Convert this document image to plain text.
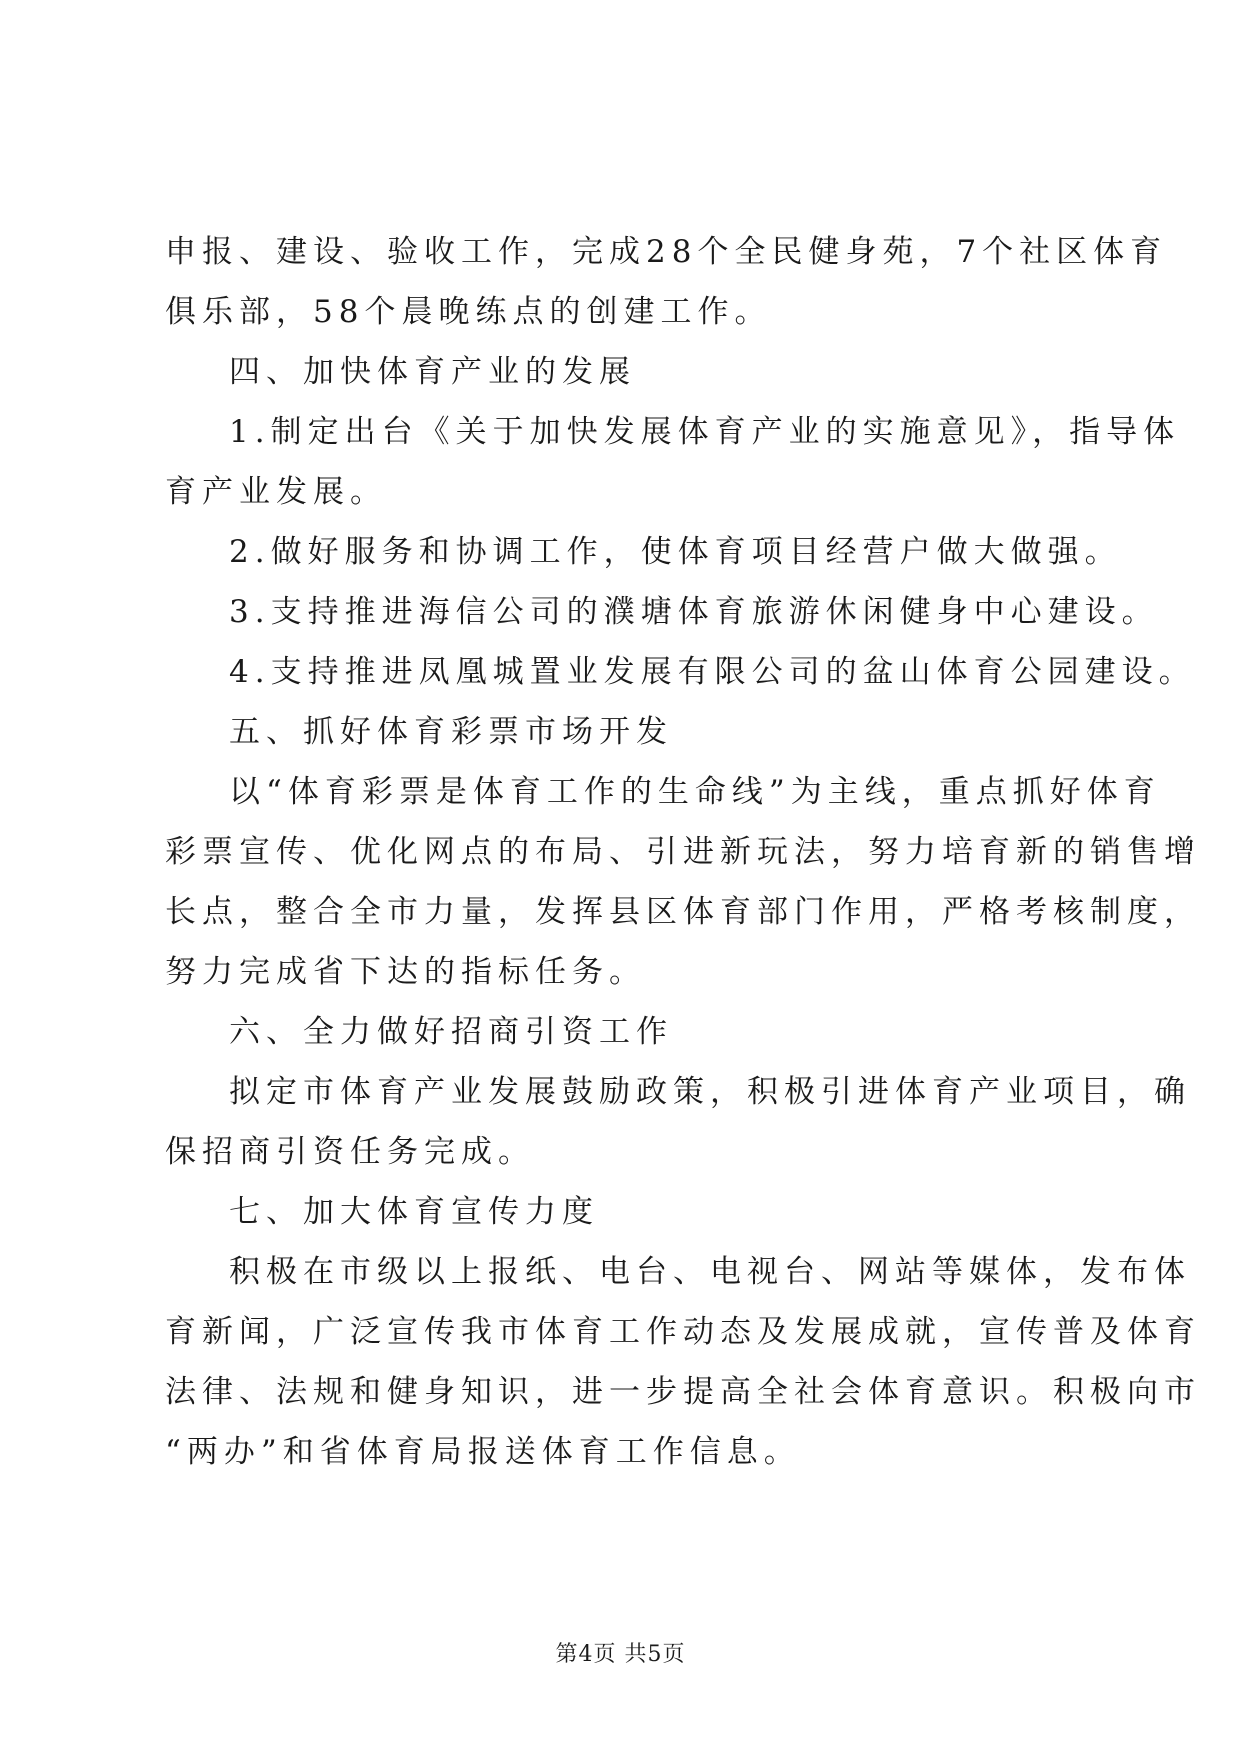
申报、建设、验收工作，完成28个全民健身苑，7个社区体育

俱乐部，58个晨晚练点的创建工作。

四、加快体育产业的发展

1.制定出台《关于加快发展体育产业的实施意见》，指导体

育产业发展。

2.做好服务和协调工作，使体育项目经营户做大做强。

3.支持推进海信公司的濮塘体育旅游休闲健身中心建设。

4.支持推进凤凰城置业发展有限公司的盆山体育公园建设。

五、抓好体育彩票市场开发

以“体育彩票是体育工作的生命线”为主线，重点抓好体育

彩票宣传、优化网点的布局、引进新玩法，努力培育新的销售增

长点，整合全市力量，发挥县区体育部门作用，严格考核制度，

努力完成省下达的指标任务。

六、全力做好招商引资工作

拟定市体育产业发展鼓励政策，积极引进体育产业项目，确

保招商引资任务完成。

七、加大体育宣传力度

积极在市级以上报纸、电台、电视台、网站等媒体，发布体

育新闻，广泛宣传我市体育工作动态及发展成就，宣传普及体育

法律、法规和健身知识，进一步提高全社会体育意识。积极向市

“两办”和省体育局报送体育工作信息。

第4页 共5页
